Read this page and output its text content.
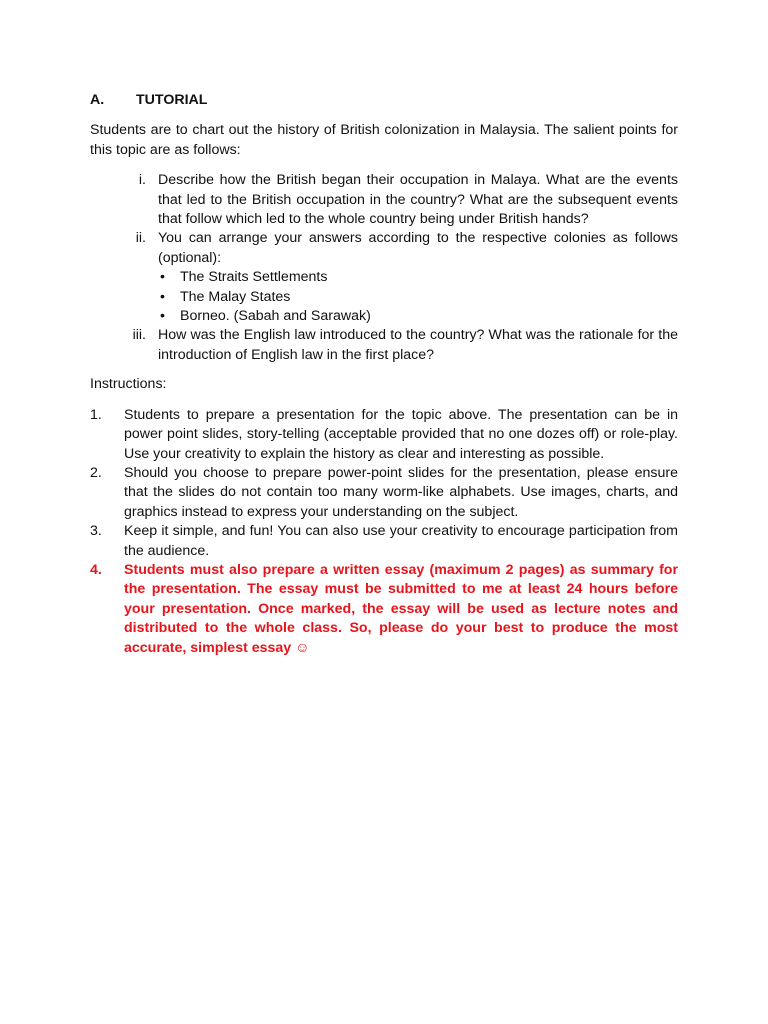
A.	TUTORIAL

Students are to chart out the history of British colonization in Malaysia. The salient points for this topic are as follows:

i. Describe how the British began their occupation in Malaya. What are the events that led to the British occupation in the country? What are the subsequent events that follow which led to the whole country being under British hands?
ii. You can arrange your answers according to the respective colonies as follows (optional):
•	The Straits Settlements
•	The Malay States
•	Borneo. (Sabah and Sarawak)
iii. How was the English law introduced to the country? What was the rationale for the introduction of English law in the first place?

Instructions:

1.	Students to prepare a presentation for the topic above. The presentation can be in power point slides, story-telling (acceptable provided that no one dozes off) or role-play. Use your creativity to explain the history as clear and interesting as possible.
2.	Should you choose to prepare power-point slides for the presentation, please ensure that the slides do not contain too many worm-like alphabets. Use images, charts, and graphics instead to express your understanding on the subject.
3.	Keep it simple, and fun! You can also use your creativity to encourage participation from the audience.
4.	Students must also prepare a written essay (maximum 2 pages) as summary for the presentation. The essay must be submitted to me at least 24 hours before your presentation. Once marked, the essay will be used as lecture notes and distributed to the whole class. So, please do your best to produce the most accurate, simplest essay ☺
